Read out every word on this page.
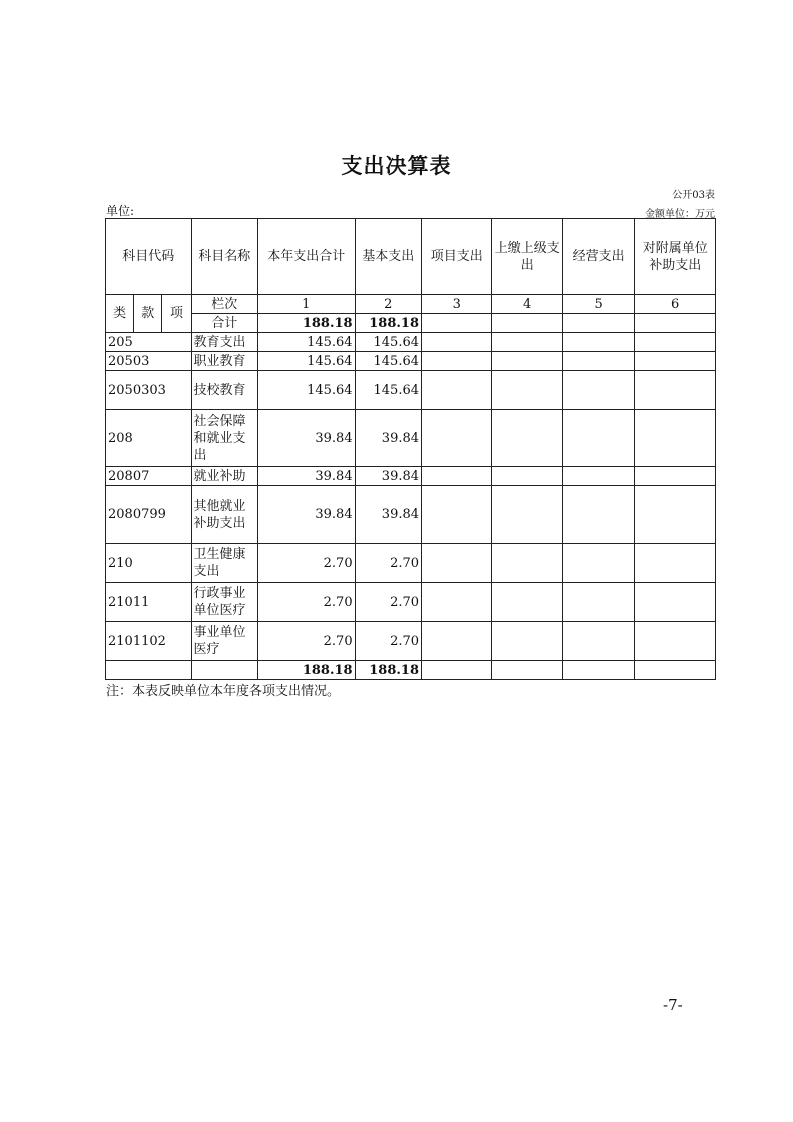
支出决算表
公开03表
单位:	金额单位：万元
科目代码			科目名称	本年支出合计	基本支出	项目支出	上缴上级支出	经营支出	对附属单位补助支出
类	款	项	栏次	1	2	3	4	5	6
			合计	188.18	188.18				
205			教育支出	145.64	145.64				
20503			职业教育	145.64	145.64				
2050303			技校教育	145.64	145.64				
208			社会保障和就业支出	39.84	39.84				
20807			就业补助	39.84	39.84				
2080799			其他就业补助支出	39.84	39.84				
210			卫生健康支出	2.70	2.70				
21011			行政事业单位医疗	2.70	2.70				
2101102			事业单位医疗	2.70	2.70				
				188.18	188.18				
注：本表反映单位本年度各项支出情况。
-7-
